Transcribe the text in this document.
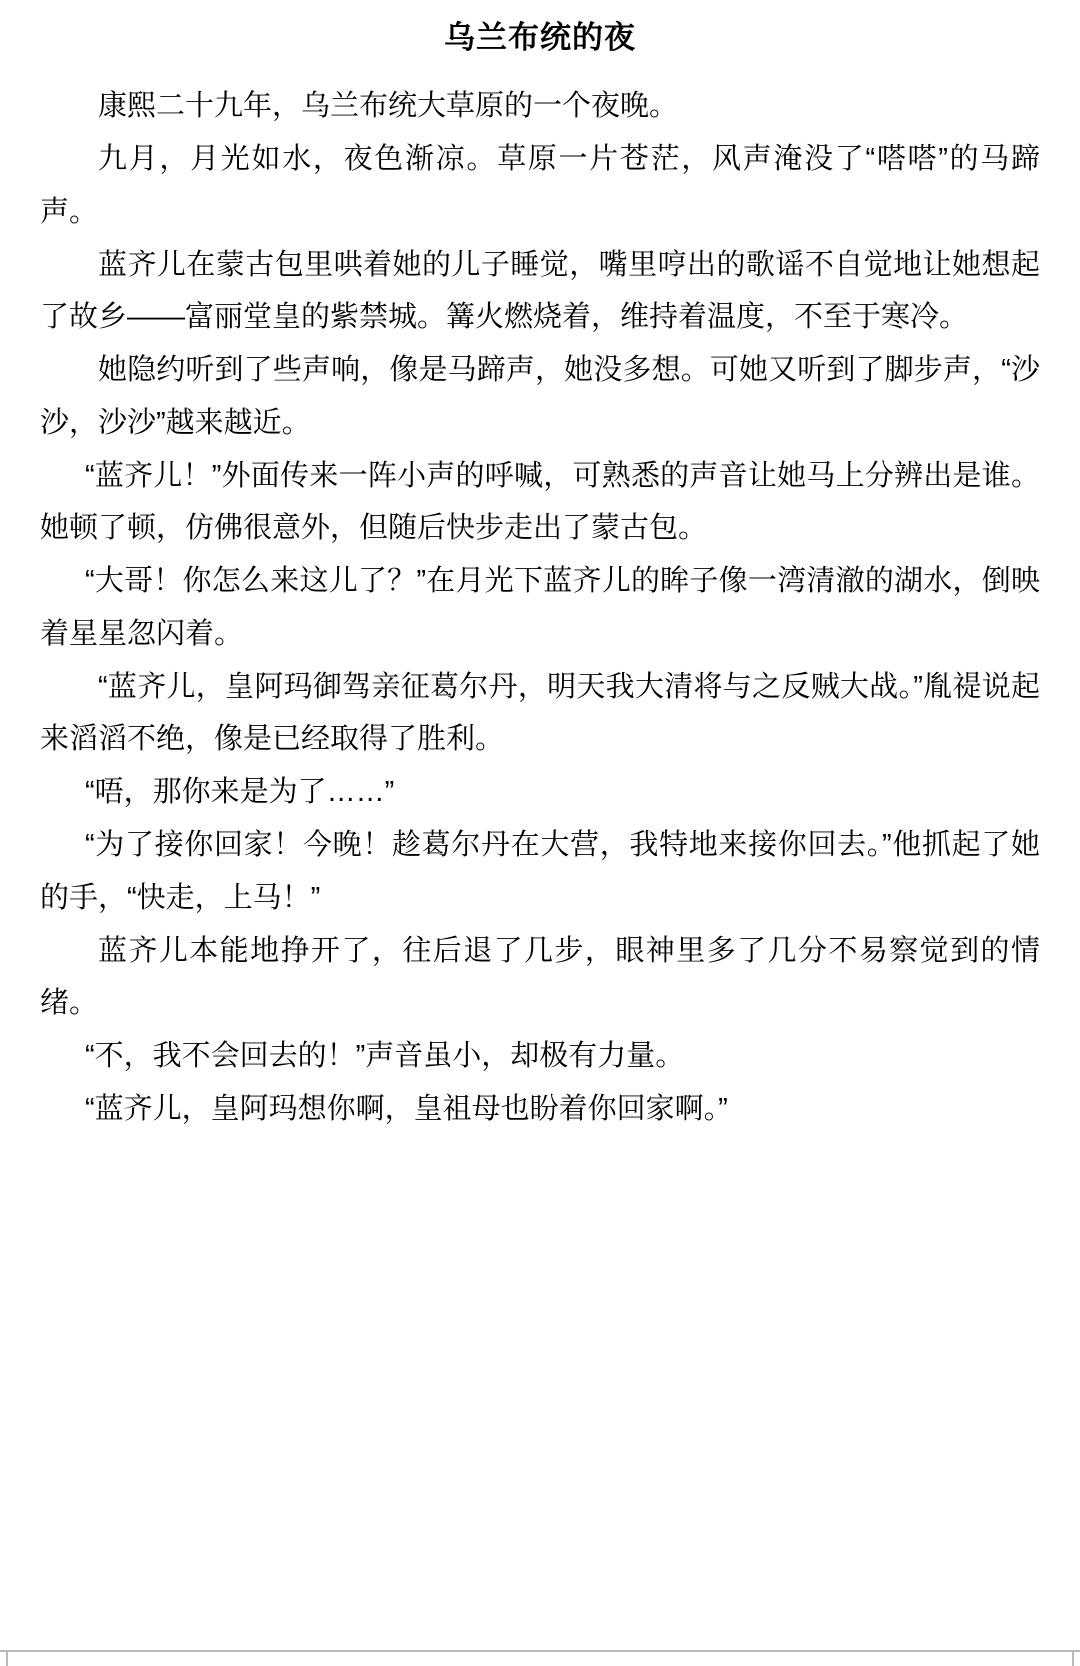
乌兰布统的夜

康熙二十九年，乌兰布统大草原的一个夜晚。

九月，月光如水，夜色渐凉。草原一片苍茫，风声淹没了“嗒嗒”的马蹄声。

蓝齐儿在蒙古包里哄着她的儿子睡觉，嘴里哼出的歌谣不自觉地让她想起了故乡——富丽堂皇的紫禁城。篝火燃烧着，维持着温度，不至于寒冷。

她隐约听到了些声响，像是马蹄声，她没多想。可她又听到了脚步声，“沙沙，沙沙”越来越近。

“蓝齐儿！”外面传来一阵小声的呼喊，可熟悉的声音让她马上分辨出是谁。她顿了顿，仿佛很意外，但随后快步走出了蒙古包。

“大哥！你怎么来这儿了？”在月光下蓝齐儿的眸子像一湾清澈的湖水，倒映着星星忽闪着。

“蓝齐儿，皇阿玛御驾亲征葛尔丹，明天我大清将与之反贼大战。”胤禔说起来滔滔不绝，像是已经取得了胜利。

“唔，那你来是为了……”

“为了接你回家！今晚！趁葛尔丹在大营，我特地来接你回去。”他抓起了她的手，“快走，上马！”

蓝齐儿本能地挣开了，往后退了几步，眼神里多了几分不易察觉到的情绪。

“不，我不会回去的！”声音虽小，却极有力量。

“蓝齐儿，皇阿玛想你啊，皇祖母也盼着你回家啊。”
